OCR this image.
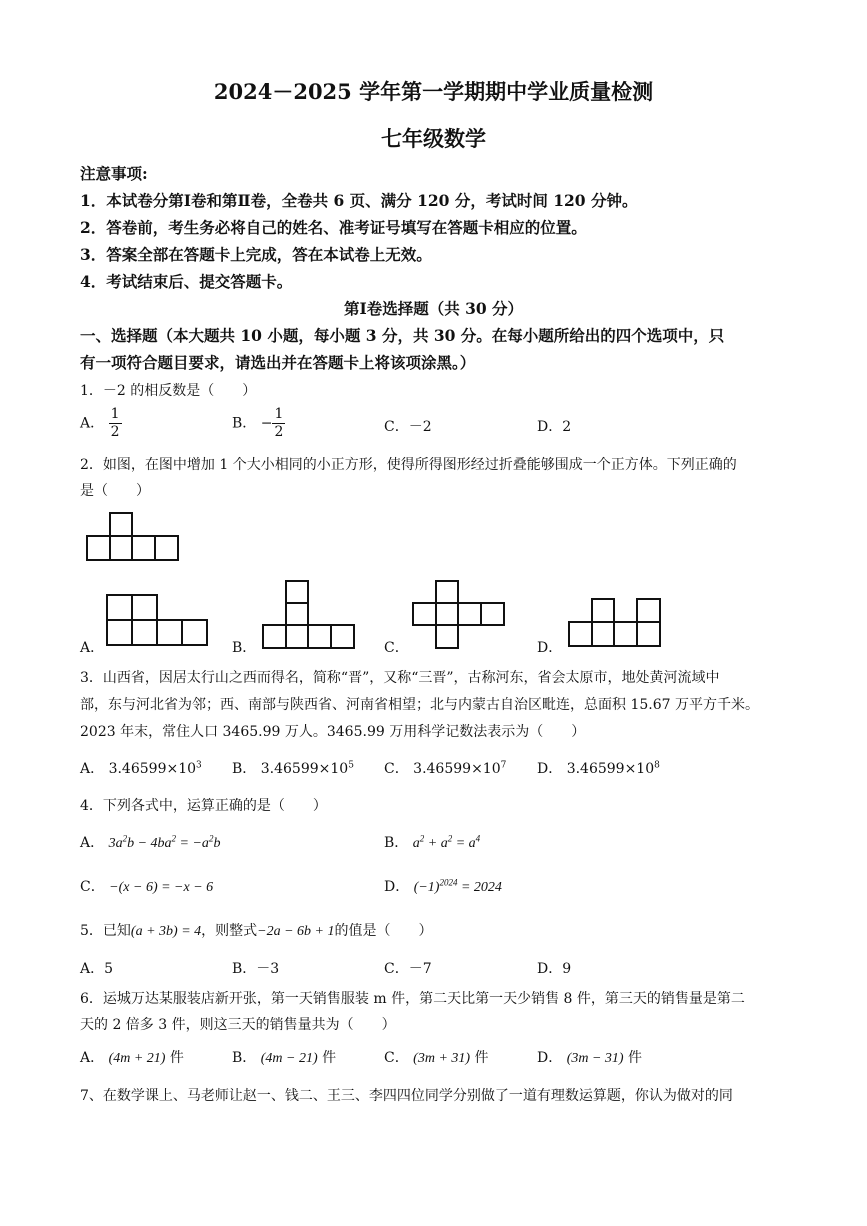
2024－2025 学年第一学期期中学业质量检测
七年级数学
注意事项:
1．本试卷分第Ⅰ卷和第Ⅱ卷，全卷共 6 页、满分 120 分，考试时间 120 分钟。
2．答卷前，考生务必将自己的姓名、准考证号填写在答题卡相应的位置。
3．答案全部在答题卡上完成，答在本试卷上无效。
4．考试结束后、提交答题卡。
第Ⅰ卷选择题（共 30 分）
一、选择题（本大题共 10 小题，每小题 3 分，共 30 分。在每小题所给出的四个选项中，只
有一项符合题目要求，请选出并在答题卡上将该项涂黑。）
1．－2 的相反数是（　　）
A． $\frac{1}{2}$	B． − $\frac{1}{2}$	C．－2	D．2
2．如图，在图中增加 1 个大小相同的小正方形，使得所得图形经过折叠能够围成一个正方体。下列正确的
是（　　）
A．	B．	C．	D．
3．山西省，因居太行山之西而得名，简称“晋”，又称“三晋”，古称河东，省会太原市，地处黄河流域中
部，东与河北省为邻；西、南部与陕西省、河南省相望；北与内蒙古自治区毗连，总面积 15.67 万平方千米。
2023 年末，常住人口 3465.99 万人。3465.99 万用科学记数法表示为（　　）
A． $3.46599\times 10^3$ B． $3.46599\times 10^5$ C． $3.46599\times 10^7$ D． $3.46599\times 10^8$
4．下列各式中，运算正确的是（　　）
A． $3a^2b - 4ba^2 = -a^2b$	B． $a^2 + a^2 = a^4$
C． −(x − 6) = −x − 6	D． $(-1)^{2024} = 2024$
5．已知(a + 3b) = 4，则整式−2a − 6b + 1的值是（　　）
A．5	B．－3	C．－7	D．9
6．运城万达某服装店新开张，第一天销售服装 m 件，第二天比第一天少销售 8 件，第三天的销售量是第二
天的 2 倍多 3 件，则这三天的销售量共为（　　）
A． (4m + 21) 件	B． (4m − 21) 件	C． (3m + 31) 件	D． (3m − 31) 件
7、在数学课上、马老师让赵一、钱二、王三、李四四位同学分别做了一道有理数运算题，你认为做对的同
